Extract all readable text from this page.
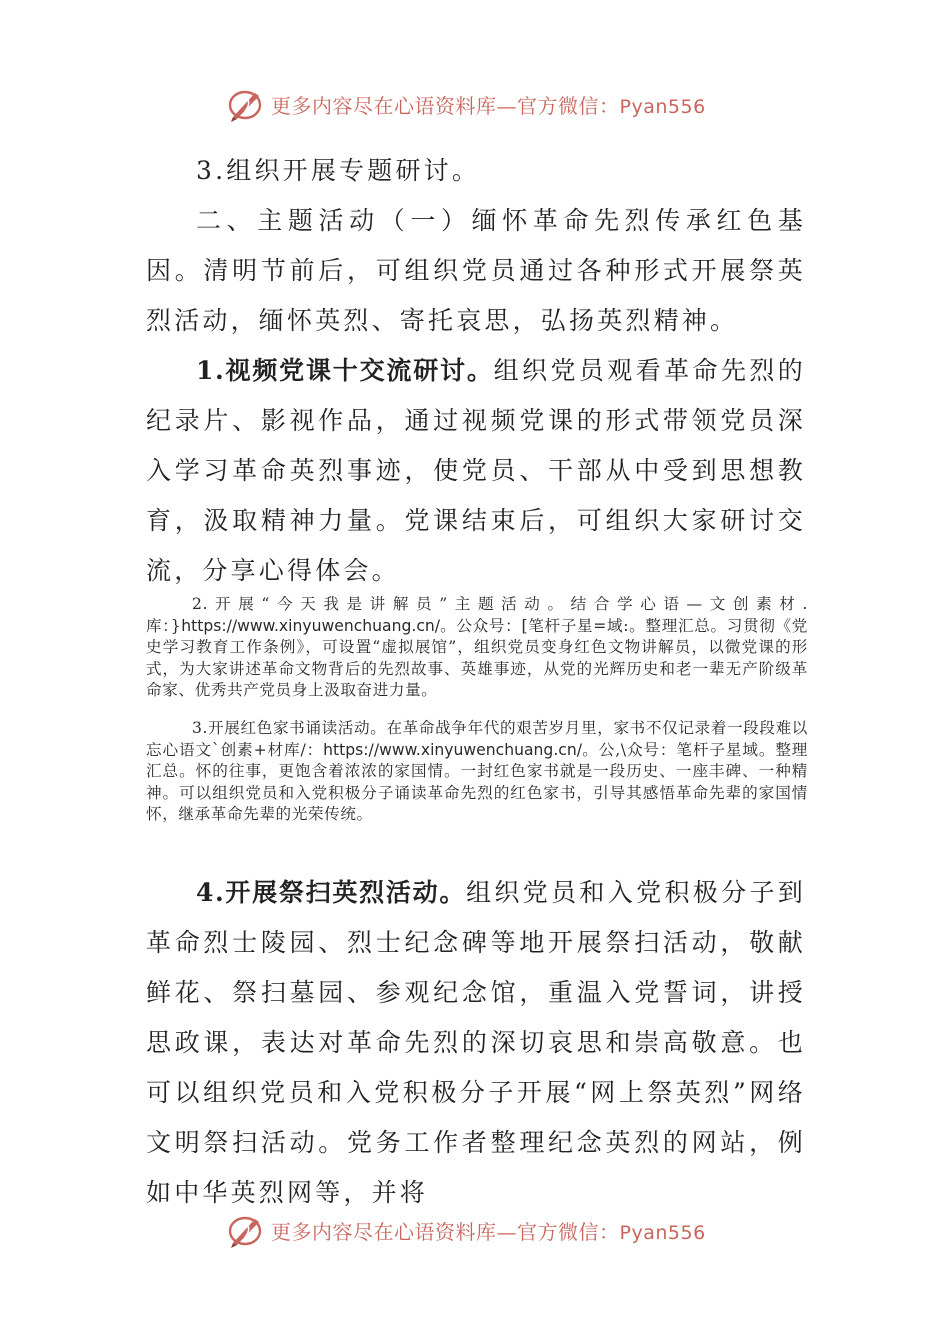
更多内容尽在心语资料库—官方微信：Pyan556

3.组织开展专题研讨。

二、主题活动（一）缅怀革命先烈传承红色基因。清明节前后，可组织党员通过各种形式开展祭英烈活动，缅怀英烈、寄托哀思，弘扬英烈精神。

1.视频党课十交流研讨。组织党员观看革命先烈的纪录片、影视作品，通过视频党课的形式带领党员深入学习革命英烈事迹，使党员、干部从中受到思想教育，汲取精神力量。党课结束后，可组织大家研讨交流，分享心得体会。

2.开展“今天我是讲解员”主题活动。结合学心语—文创素材.库：}https://www.xinyuwenchuang.cn/。公众号：[笔杆子星=域:。整理汇总。习贯彻《党史学习教育工作条例》，可设置“虚拟展馆”，组织党员变身红色文物讲解员，以微党课的形式，为大家讲述革命文物背后的先烈故事、英雄事迹，从党的光辉历史和老一辈无产阶级革命家、优秀共产党员身上汲取奋进力量。

3.开展红色家书诵读活动。在革命战争年代的艰苦岁月里，家书不仅记录着一段段难以忘心语文`创素+材库/：https://www.xinyuwenchuang.cn/。公,\众号：笔杆子星域。整理汇总。怀的往事，更饱含着浓浓的家国情。一封红色家书就是一段历史、一座丰碑、一种精神。可以组织党员和入党积极分子诵读革命先烈的红色家书，引导其感悟革命先辈的家国情怀，继承革命先辈的光荣传统。

4.开展祭扫英烈活动。组织党员和入党积极分子到革命烈士陵园、烈士纪念碑等地开展祭扫活动，敬献鲜花、祭扫墓园、参观纪念馆，重温入党誓词，讲授思政课，表达对革命先烈的深切哀思和崇高敬意。也可以组织党员和入党积极分子开展“网上祭英烈”网络文明祭扫活动。党务工作者整理纪念英烈的网站，例如中华英烈网等，并将

更多内容尽在心语资料库—官方微信：Pyan556
